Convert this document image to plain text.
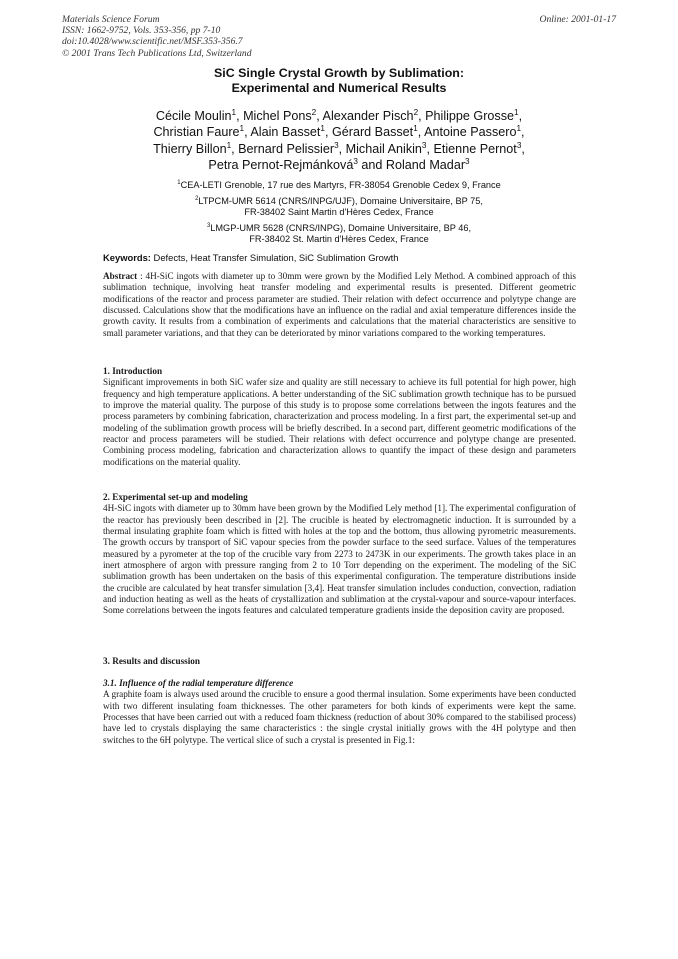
Materials Science Forum
ISSN: 1662-9752, Vols. 353-356, pp 7-10
doi:10.4028/www.scientific.net/MSF.353-356.7
© 2001 Trans Tech Publications Ltd, Switzerland
Online: 2001-01-17
SiC Single Crystal Growth by Sublimation:
Experimental and Numerical Results
Cécile Moulin$^1$, Michel Pons$^2$, Alexander Pisch$^2$, Philippe Grosse$^1$,
Christian Faure$^1$, Alain Basset$^1$, Gérard Basset$^1$, Antoine Passero$^1$,
Thierry Billon$^1$, Bernard Pelissier$^3$, Michail Anikin$^3$, Etienne Pernot$^3$,
Petra Pernot-Rejmánková$^3$ and Roland Madar$^3$
$^1$CEA-LETI Grenoble, 17 rue des Martyrs, FR-38054 Grenoble Cedex 9, France
$^2$LTPCM-UMR 5614 (CNRS/INPG/UJF), Domaine Universitaire, BP 75,
FR-38402 Saint Martin d'Hères Cedex, France
$^3$LMGP-UMR 5628 (CNRS/INPG), Domaine Universitaire, BP 46,
FR-38402 St. Martin d'Hères Cedex, France
Keywords: Defects, Heat Transfer Simulation, SiC Sublimation Growth
Abstract : 4H-SiC ingots with diameter up to 30mm were grown by the Modified Lely Method. A combined approach of this sublimation technique, involving heat transfer modeling and experimental results is presented. Different geometric modifications of the reactor and process parameter are studied. Their relation with defect occurrence and polytype change are discussed. Calculations show that the modifications have an influence on the radial and axial temperature differences inside the growth cavity. It results from a combination of experiments and calculations that the material characteristics are sensitive to small parameter variations, and that they can be deteriorated by minor variations compared to the working temperatures.
1. Introduction
Significant improvements in both SiC wafer size and quality are still necessary to achieve its full potential for high power, high frequency and high temperature applications. A better understanding of the SiC sublimation growth technique has to be pursued to improve the material quality. The purpose of this study is to propose some correlations between the ingots features and the process parameters by combining fabrication, characterization and process modeling. In a first part, the experimental set-up and modeling of the sublimation growth process will be briefly described. In a second part, different geometric modifications of the reactor and process parameters will be studied. Their relations with defect occurrence and polytype change are presented. Combining process modeling, fabrication and characterization allows to quantify the impact of these design and parameters modifications on the material quality.
2. Experimental set-up and modeling
4H-SiC ingots with diameter up to 30mm have been grown by the Modified Lely method [1]. The experimental configuration of the reactor has previously been described in [2]. The crucible is heated by electromagnetic induction. It is surrounded by a thermal insulating graphite foam which is fitted with holes at the top and the bottom, thus allowing pyrometric measurements. The growth occurs by transport of SiC vapour species from the powder surface to the seed surface. Values of the temperatures measured by a pyrometer at the top of the crucible vary from 2273 to 2473K in our experiments. The growth takes place in an inert atmosphere of argon with pressure ranging from 2 to 10 Torr depending on the experiment. The modeling of the SiC sublimation growth has been undertaken on the basis of this experimental configuration. The temperature distributions inside the crucible are calculated by heat transfer simulation [3,4]. Heat transfer simulation includes conduction, convection, radiation and induction heating as well as the heats of crystallization and sublimation at the crystal-vapour and source-vapour interfaces. Some correlations between the ingots features and calculated temperature gradients inside the deposition cavity are proposed.
3. Results and discussion
3.1. Influence of the radial temperature difference
A graphite foam is always used around the crucible to ensure a good thermal insulation. Some experiments have been conducted with two different insulating foam thicknesses. The other parameters for both kinds of experiments were kept the same. Processes that have been carried out with a reduced foam thickness (reduction of about 30% compared to the stabilised process) have led to crystals displaying the same characteristics : the single crystal initially grows with the 4H polytype and then switches to the 6H polytype. The vertical slice of such a crystal is presented in Fig.1:
